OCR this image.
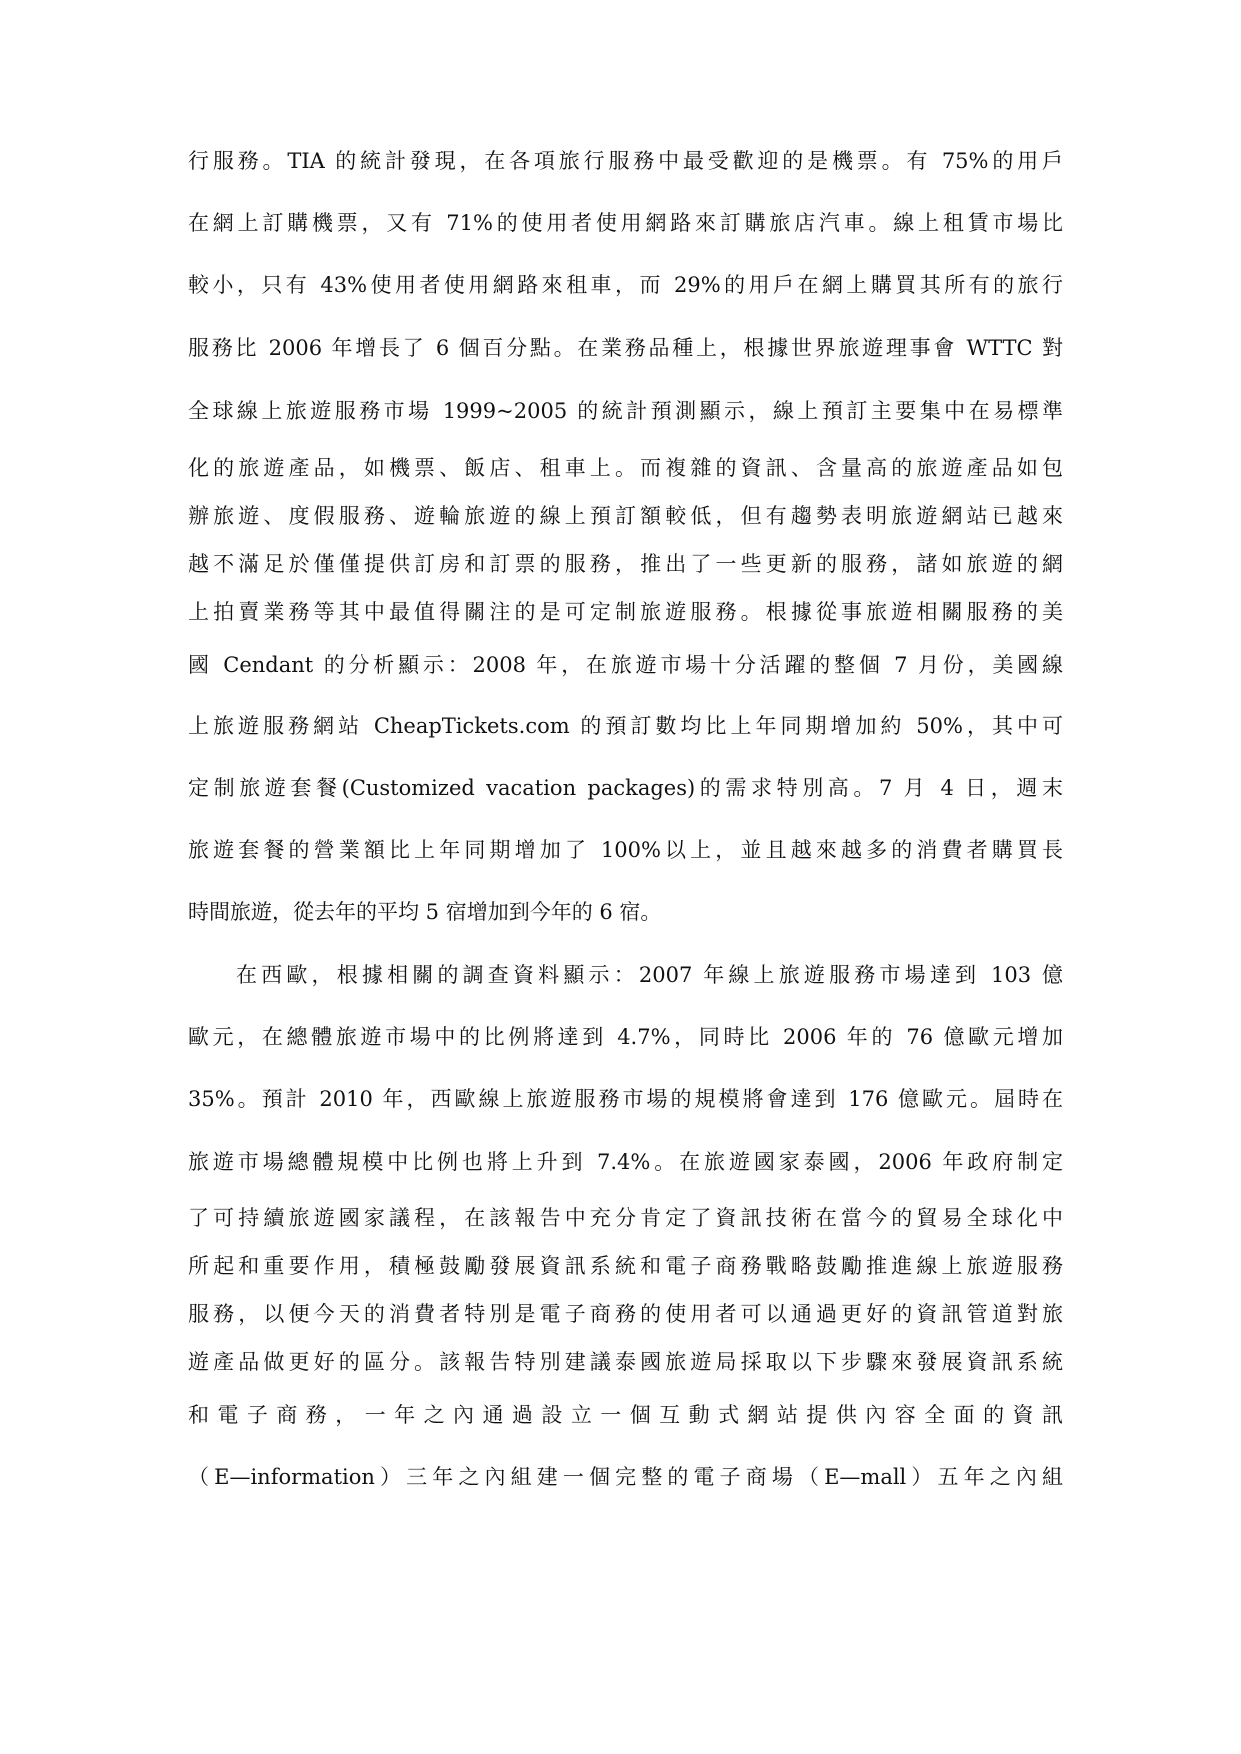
行服務。TIA 的統計發現，在各項旅行服務中最受歡迎的是機票。有 75%的用戶
在網上訂購機票，又有 71%的使用者使用網路來訂購旅店汽車。線上租賃市場比
較小，只有 43%使用者使用網路來租車，而 29%的用戶在網上購買其所有的旅行
服務比 2006 年增長了 6 個百分點。在業務品種上，根據世界旅遊理事會 WTTC 對
全球線上旅遊服務市場 1999~2005 的統計預測顯示，線上預訂主要集中在易標準
化的旅遊產品，如機票、飯店、租車上。而複雜的資訊、含量高的旅遊產品如包
辦旅遊、度假服務、遊輪旅遊的線上預訂額較低，但有趨勢表明旅遊網站已越來
越不滿足於僅僅提供訂房和訂票的服務，推出了一些更新的服務，諸如旅遊的網
上拍賣業務等其中最值得關注的是可定制旅遊服務。根據從事旅遊相關服務的美
國 Cendant 的分析顯示：2008 年，在旅遊市場十分活躍的整個 7 月份，美國線
上旅遊服務網站 CheapTickets.com 的預訂數均比上年同期增加約 50%，其中可
定制旅遊套餐(Customized vacation packages)的需求特別高。7 月 4 日，週末
旅遊套餐的營業額比上年同期增加了 100%以上，並且越來越多的消費者購買長
時間旅遊，從去年的平均 5 宿增加到今年的 6 宿。
在西歐，根據相關的調查資料顯示：2007 年線上旅遊服務市場達到 103 億
歐元，在總體旅遊市場中的比例將達到 4.7%，同時比 2006 年的 76 億歐元增加
35%。預計 2010 年，西歐線上旅遊服務市場的規模將會達到 176 億歐元。屆時在
旅遊市場總體規模中比例也將上升到 7.4%。在旅遊國家泰國，2006 年政府制定
了可持續旅遊國家議程，在該報告中充分肯定了資訊技術在當今的貿易全球化中
所起和重要作用，積極鼓勵發展資訊系統和電子商務戰略鼓勵推進線上旅遊服務
服務，以便今天的消費者特別是電子商務的使用者可以通過更好的資訊管道對旅
遊產品做更好的區分。該報告特別建議泰國旅遊局採取以下步驟來發展資訊系統
和電子商務，一年之內通過設立一個互動式網站提供內容全面的資訊
（E—information）三年之內組建一個完整的電子商場（E—mall）五年之內組
